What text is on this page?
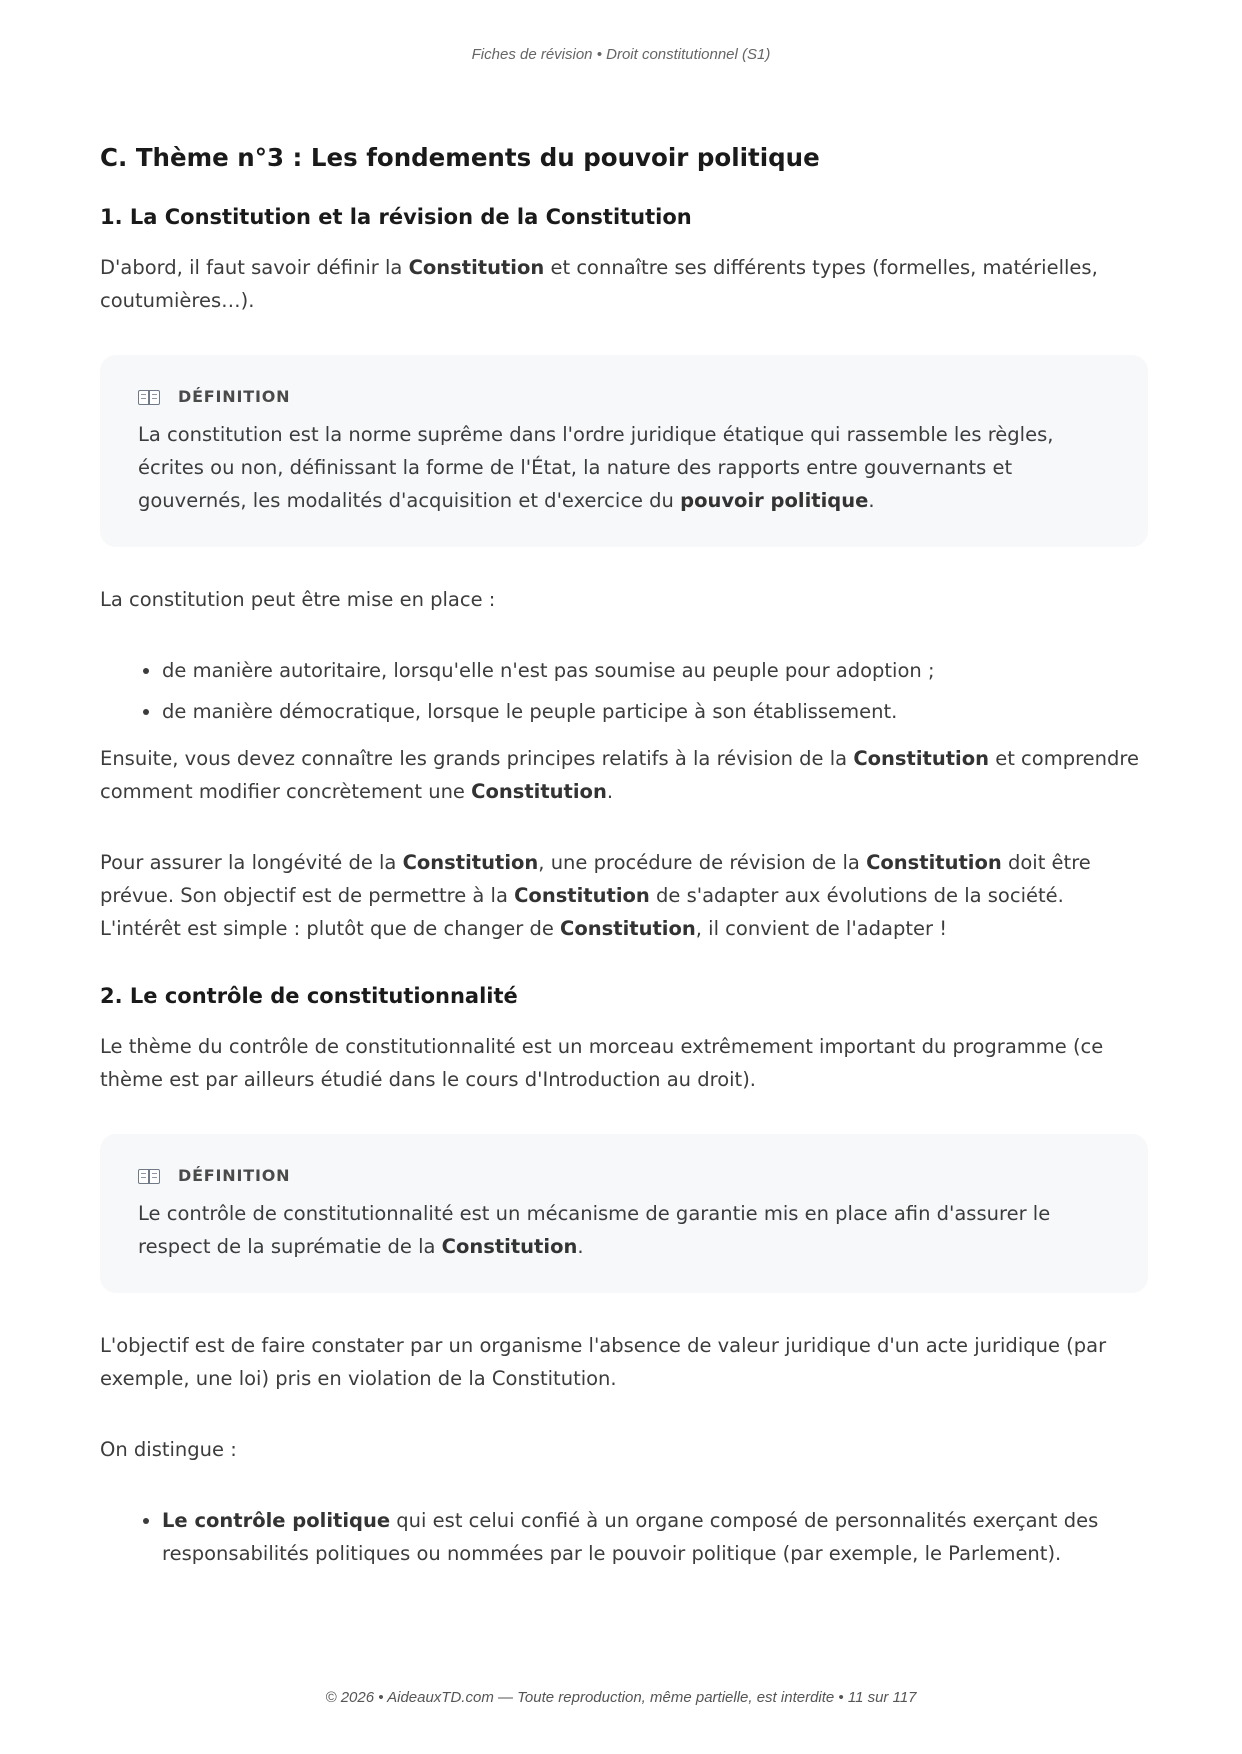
Fiches de révision • Droit constitutionnel (S1)
C. Thème n°3 : Les fondements du pouvoir politique
1. La Constitution et la révision de la Constitution

D'abord, il faut savoir définir la Constitution et connaître ses différents types (formelles, matérielles, coutumières…).

DÉFINITION

La constitution est la norme suprême dans l'ordre juridique étatique qui rassemble les règles, écrites ou non, définissant la forme de l'État, la nature des rapports entre gouvernants et gouvernés, les modalités d'acquisition et d'exercice du pouvoir politique.

La constitution peut être mise en place :

• de manière autoritaire, lorsqu'elle n'est pas soumise au peuple pour adoption ;
• de manière démocratique, lorsque le peuple participe à son établissement.

Ensuite, vous devez connaître les grands principes relatifs à la révision de la Constitution et comprendre comment modifier concrètement une Constitution.

Pour assurer la longévité de la Constitution, une procédure de révision de la Constitution doit être prévue. Son objectif est de permettre à la Constitution de s'adapter aux évolutions de la société. L'intérêt est simple : plutôt que de changer de Constitution, il convient de l'adapter !

2. Le contrôle de constitutionnalité

Le thème du contrôle de constitutionnalité est un morceau extrêmement important du programme (ce thème est par ailleurs étudié dans le cours d'Introduction au droit).

DÉFINITION

Le contrôle de constitutionnalité est un mécanisme de garantie mis en place afin d'assurer le respect de la suprématie de la Constitution.

L'objectif est de faire constater par un organisme l'absence de valeur juridique d'un acte juridique (par exemple, une loi) pris en violation de la Constitution.

On distingue :

• Le contrôle politique qui est celui confié à un organe composé de personnalités exerçant des responsabilités politiques ou nommées par le pouvoir politique (par exemple, le Parlement).
© 2026 • AideauxTD.com — Toute reproduction, même partielle, est interdite • 11 sur 117
